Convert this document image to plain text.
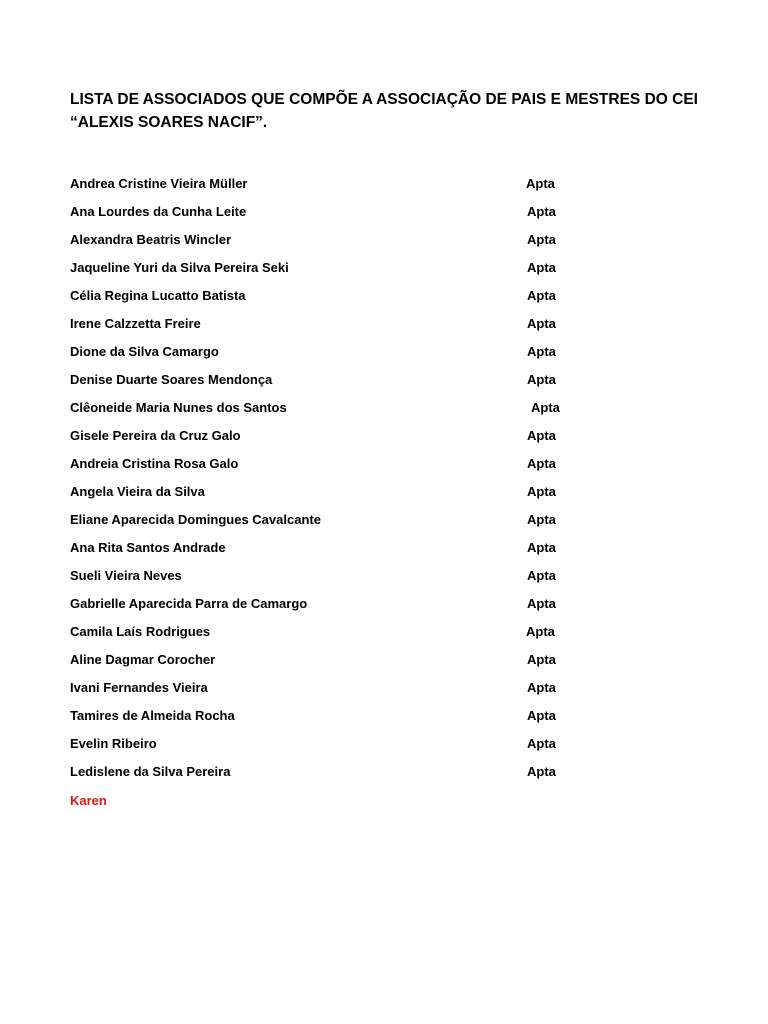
LISTA DE ASSOCIADOS QUE COMPÕE A ASSOCIAÇÃO DE PAIS E MESTRES DO CEI
“ALEXIS SOARES NACIF”.
Andrea Cristine Vieira Müller	Apta
Ana Lourdes da Cunha Leite	Apta
Alexandra Beatris Wincler	Apta
Jaqueline Yuri da Silva Pereira Seki	Apta
Célia Regina Lucatto Batista	Apta
Irene Calzzetta Freire	Apta
Dione da Silva Camargo	Apta
Denise Duarte Soares Mendonça	Apta
Clêoneide Maria Nunes dos Santos	Apta
Gisele Pereira da Cruz Galo	Apta
Andreia Cristina Rosa Galo	Apta
Angela Vieira da Silva	Apta
Eliane Aparecida Domingues Cavalcante	Apta
Ana Rita Santos Andrade	Apta
Sueli Vieira Neves	Apta
Gabrielle Aparecida Parra de Camargo	Apta
Camila Laís Rodrigues	Apta
Aline Dagmar Corocher	Apta
Ivani Fernandes Vieira	Apta
Tamires de Almeida Rocha	Apta
Evelin Ribeiro	Apta
Ledislene da Silva Pereira	Apta
Karen
